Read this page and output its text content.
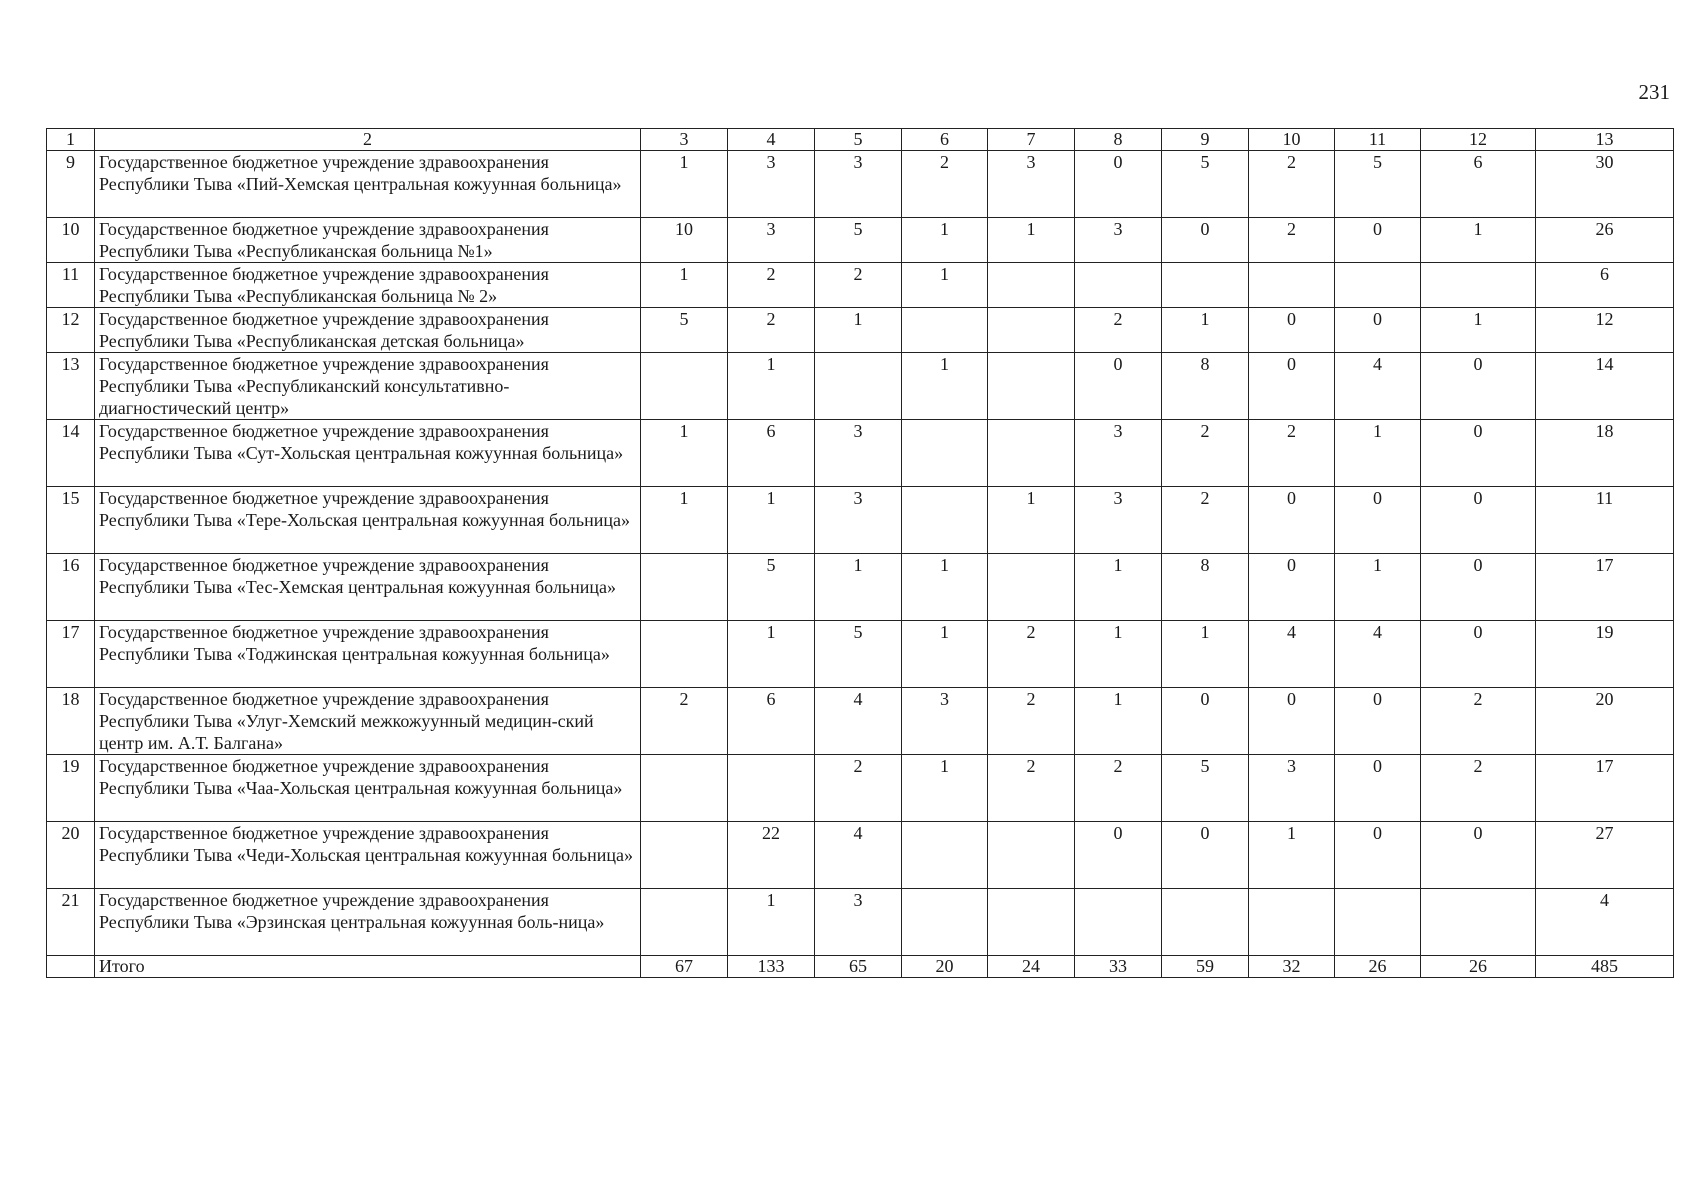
231
1	2	3	4	5	6	7	8	9	10	11	12	13
9	Государственное бюджетное учреждение здравоохранения Республики Тыва «Пий-Хемская центральная кожуунная больница»	1	3	3	2	3	0	5	2	5	6	30
10	Государственное бюджетное учреждение здравоохранения Республики Тыва «Республиканская больница №1»	10	3	5	1	1	3	0	2	0	1	26
11	Государственное бюджетное учреждение здравоохранения Республики Тыва «Республиканская больница № 2»	1	2	2	1							6
12	Государственное бюджетное учреждение здравоохранения Республики Тыва «Республиканская детская больница»	5	2	1			2	1	0	0	1	12
13	Государственное бюджетное учреждение здравоохранения Республики Тыва «Республиканский консультативно-диагностический центр»		1		1		0	8	0	4	0	14
14	Государственное бюджетное учреждение здравоохранения Республики Тыва «Сут-Хольская центральная кожуунная больница»	1	6	3			3	2	2	1	0	18
15	Государственное бюджетное учреждение здравоохранения Республики Тыва «Тере-Хольская центральная кожуунная больница»	1	1	3		1	3	2	0	0	0	11
16	Государственное бюджетное учреждение здравоохранения Республики Тыва «Тес-Хемская центральная кожуунная больница»		5	1	1		1	8	0	1	0	17
17	Государственное бюджетное учреждение здравоохранения Республики Тыва «Тоджинская центральная кожуунная больница»		1	5	1	2	1	1	4	4	0	19
18	Государственное бюджетное учреждение здравоохранения Республики Тыва «Улуг-Хемский межкожуунный медицин-ский центр им. А.Т. Балгана»	2	6	4	3	2	1	0	0	0	2	20
19	Государственное бюджетное учреждение здравоохранения Республики Тыва «Чаа-Хольская центральная кожуунная больница»			2	1	2	2	5	3	0	2	17
20	Государственное бюджетное учреждение здравоохранения Республики Тыва «Чеди-Хольская центральная кожуунная больница»		22	4			0	0	1	0	0	27
21	Государственное бюджетное учреждение здравоохранения Республики Тыва «Эрзинская центральная кожуунная боль-ница»		1	3								4
	Итого	67	133	65	20	24	33	59	32	26	26	485
